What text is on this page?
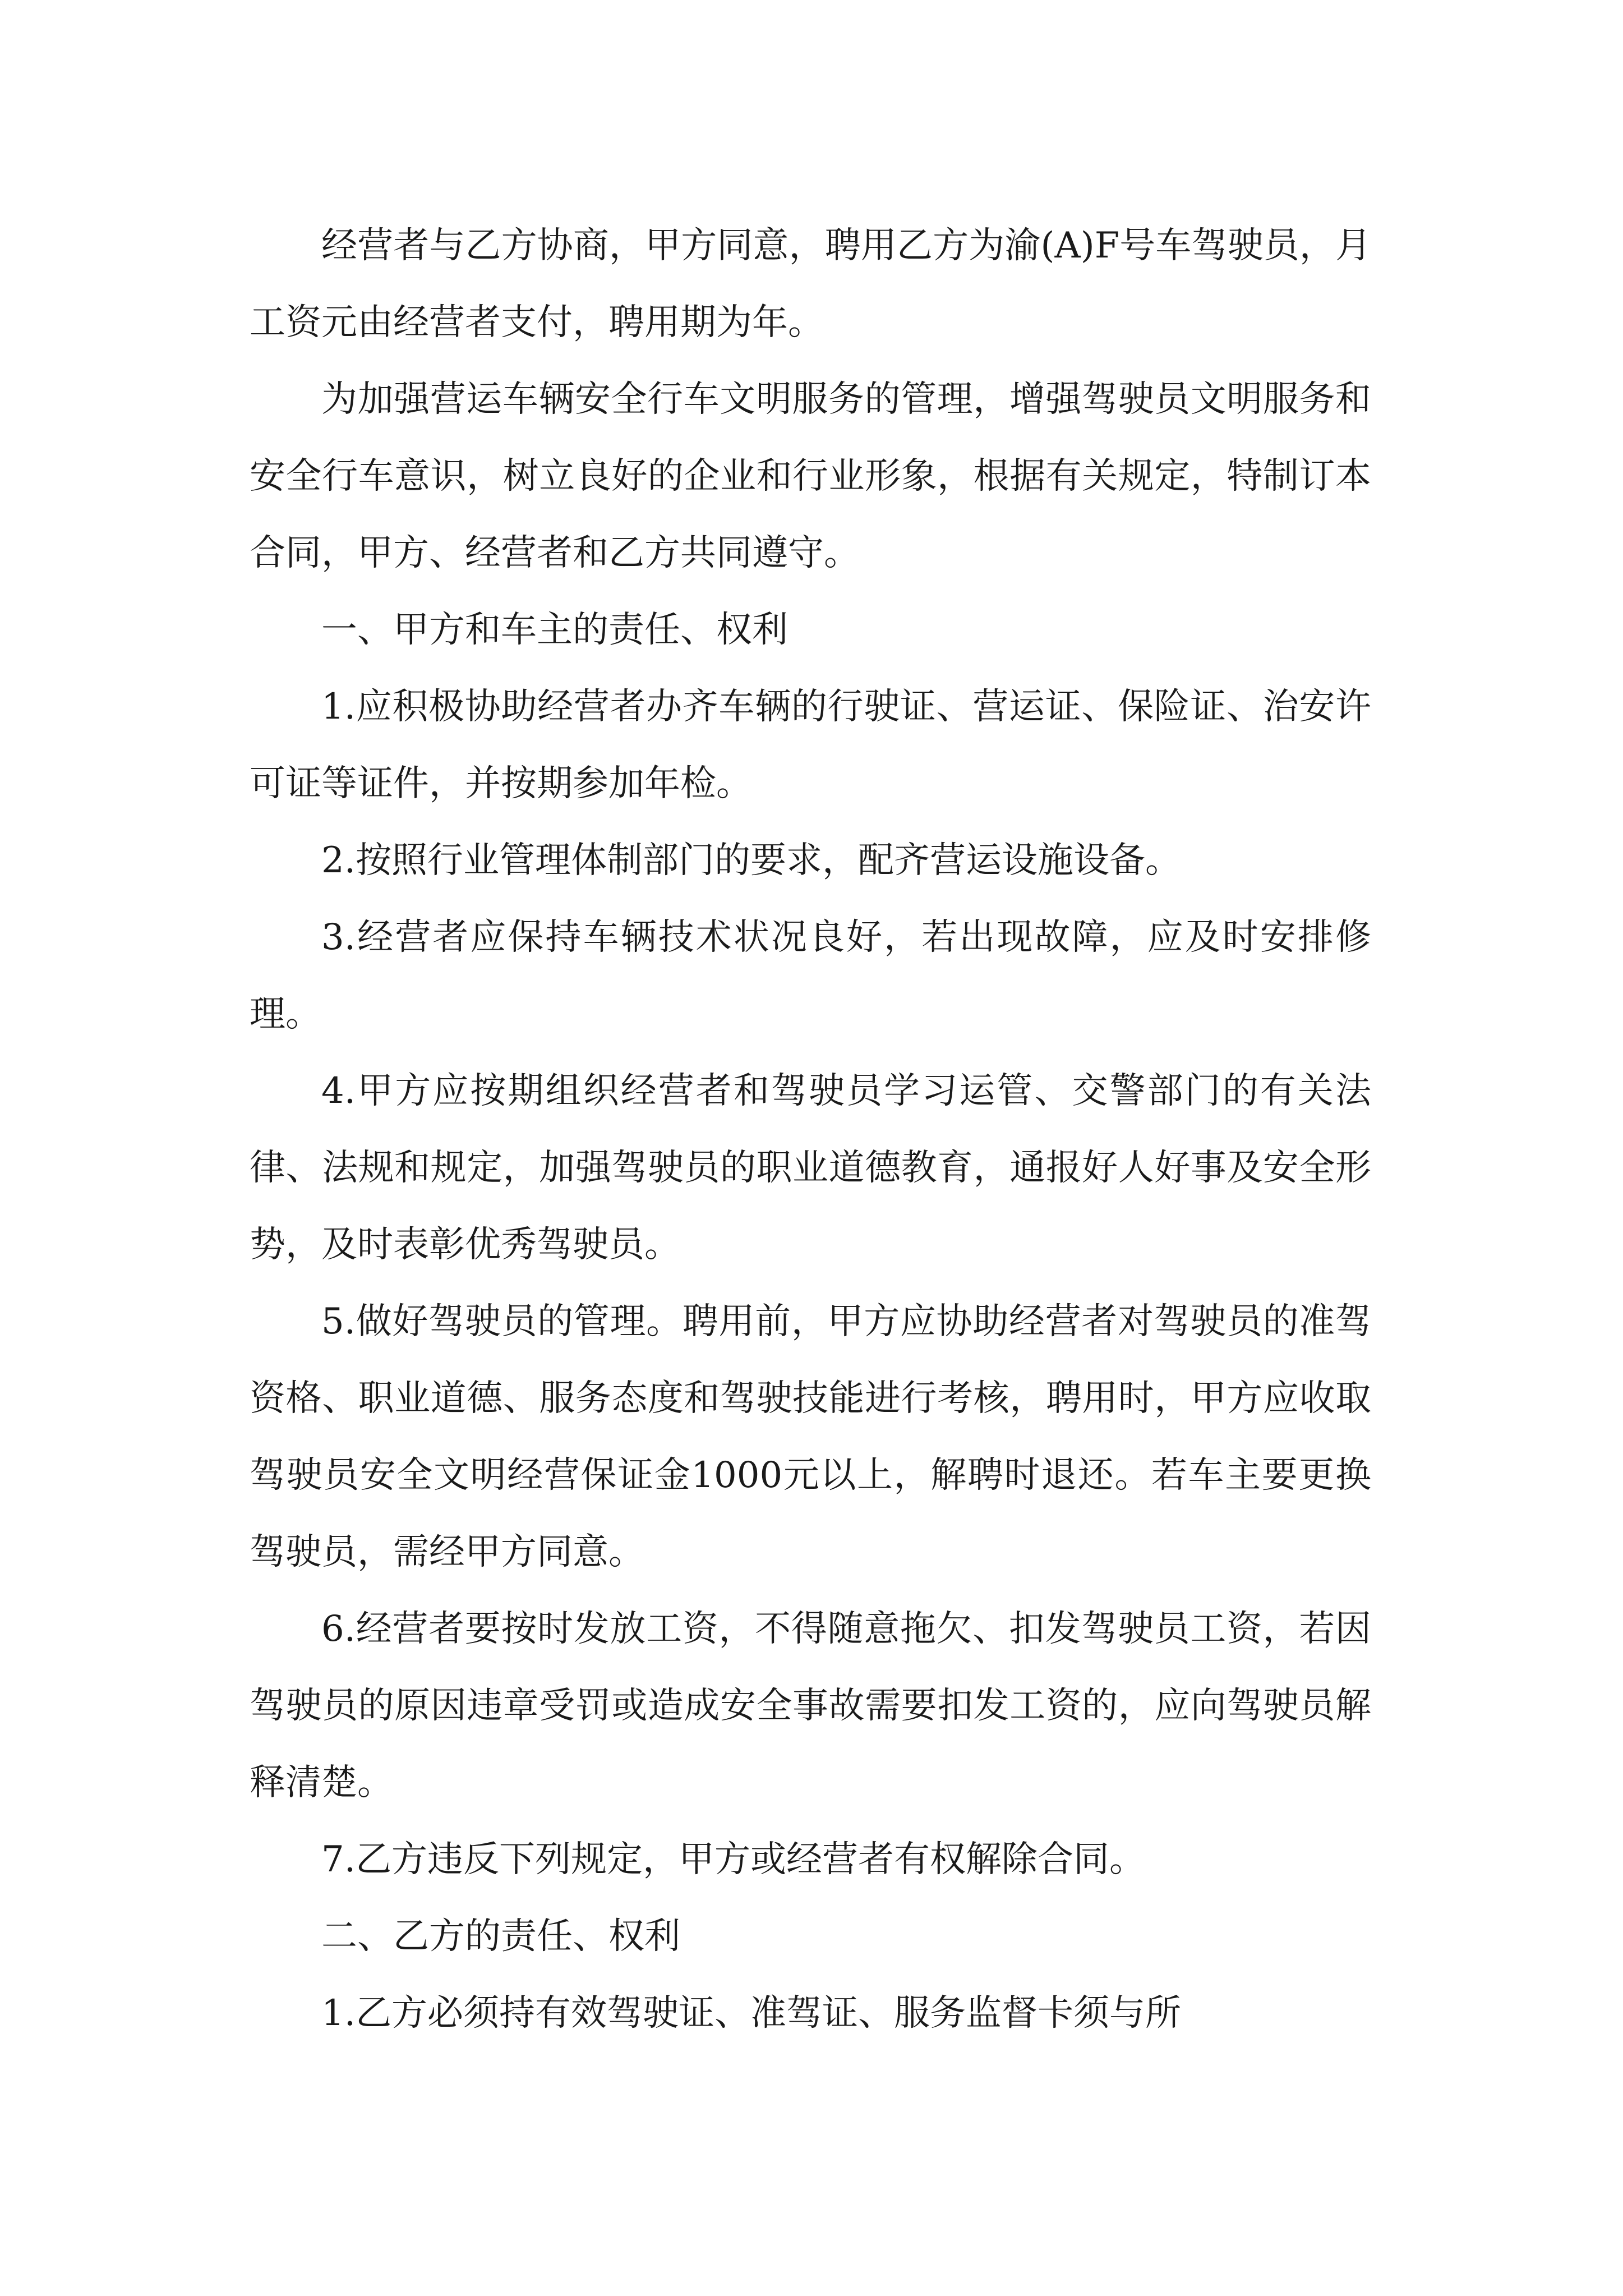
经营者与乙方协商，甲方同意，聘用乙方为渝(A)F号车驾驶员，月工资元由经营者支付，聘用期为年。

为加强营运车辆安全行车文明服务的管理，增强驾驶员文明服务和安全行车意识，树立良好的企业和行业形象，根据有关规定，特制订本合同，甲方、经营者和乙方共同遵守。

一、甲方和车主的责任、权利

1.应积极协助经营者办齐车辆的行驶证、营运证、保险证、治安许可证等证件，并按期参加年检。

2.按照行业管理体制部门的要求，配齐营运设施设备。

3.经营者应保持车辆技术状况良好，若出现故障，应及时安排修理。

4.甲方应按期组织经营者和驾驶员学习运管、交警部门的有关法律、法规和规定，加强驾驶员的职业道德教育，通报好人好事及安全形势，及时表彰优秀驾驶员。

5.做好驾驶员的管理。聘用前，甲方应协助经营者对驾驶员的准驾资格、职业道德、服务态度和驾驶技能进行考核，聘用时，甲方应收取驾驶员安全文明经营保证金1000元以上，解聘时退还。若车主要更换驾驶员，需经甲方同意。

6.经营者要按时发放工资，不得随意拖欠、扣发驾驶员工资，若因驾驶员的原因违章受罚或造成安全事故需要扣发工资的，应向驾驶员解释清楚。

7.乙方违反下列规定，甲方或经营者有权解除合同。

二、乙方的责任、权利

1.乙方必须持有效驾驶证、准驾证、服务监督卡须与所
